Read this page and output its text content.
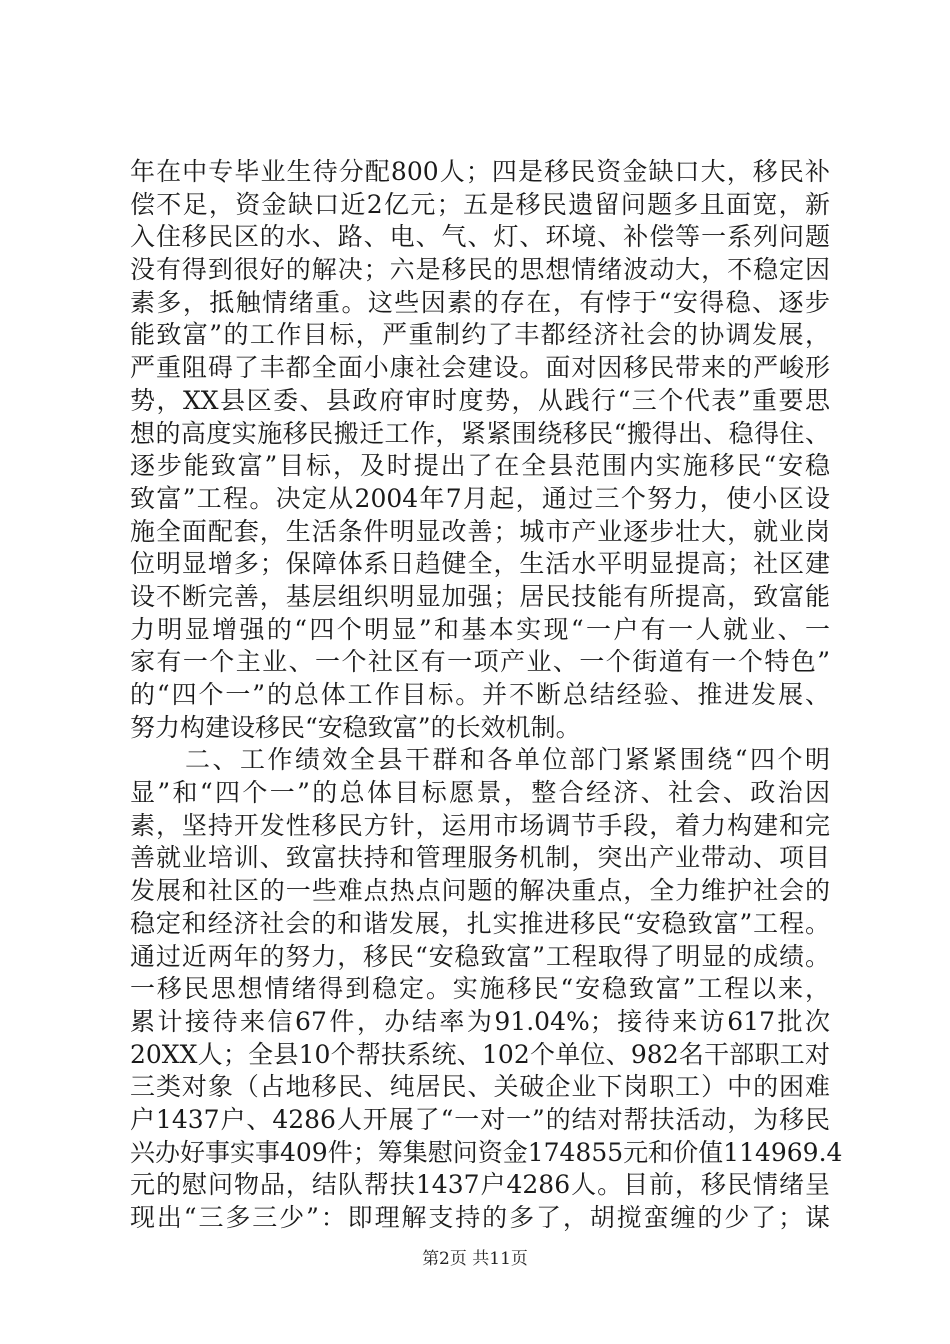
年在中专毕业生待分配800人；四是移民资金缺口大，移民补
偿不足，资金缺口近2亿元；五是移民遗留问题多且面宽，新
入住移民区的水、路、电、气、灯、环境、补偿等一系列问题
没有得到很好的解决；六是移民的思想情绪波动大，不稳定因
素多，抵触情绪重。这些因素的存在，有悖于“安得稳、逐步
能致富”的工作目标，严重制约了丰都经济社会的协调发展，
严重阻碍了丰都全面小康社会建设。面对因移民带来的严峻形
势，XX县区委、县政府审时度势，从践行“三个代表”重要思
想的高度实施移民搬迁工作，紧紧围绕移民“搬得出、稳得住、
逐步能致富”目标，及时提出了在全县范围内实施移民“安稳
致富”工程。决定从2004年7月起，通过三个努力，使小区设
施全面配套，生活条件明显改善；城市产业逐步壮大，就业岗
位明显增多；保障体系日趋健全，生活水平明显提高；社区建
设不断完善，基层组织明显加强；居民技能有所提高，致富能
力明显增强的“四个明显”和基本实现“一户有一人就业、一
家有一个主业、一个社区有一项产业、一个街道有一个特色”
的“四个一”的总体工作目标。并不断总结经验、推进发展、
努力构建设移民“安稳致富”的长效机制。
　　二、工作绩效全县干群和各单位部门紧紧围绕“四个明
显”和“四个一”的总体目标愿景，整合经济、社会、政治因
素，坚持开发性移民方针，运用市场调节手段，着力构建和完
善就业培训、致富扶持和管理服务机制，突出产业带动、项目
发展和社区的一些难点热点问题的解决重点，全力维护社会的
稳定和经济社会的和谐发展，扎实推进移民“安稳致富”工程。
通过近两年的努力，移民“安稳致富”工程取得了明显的成绩。
一移民思想情绪得到稳定。实施移民“安稳致富”工程以来，
累计接待来信67件，办结率为91.04%；接待来访617批次
20XX人；全县10个帮扶系统、102个单位、982名干部职工对
三类对象（占地移民、纯居民、关破企业下岗职工）中的困难
户1437户、4286人开展了“一对一”的结对帮扶活动，为移民
兴办好事实事409件；筹集慰问资金174855元和价值114969.4
元的慰问物品，结队帮扶1437户4286人。目前，移民情绪呈
现出“三多三少”：即理解支持的多了，胡搅蛮缠的少了；谋
第2页 共11页
